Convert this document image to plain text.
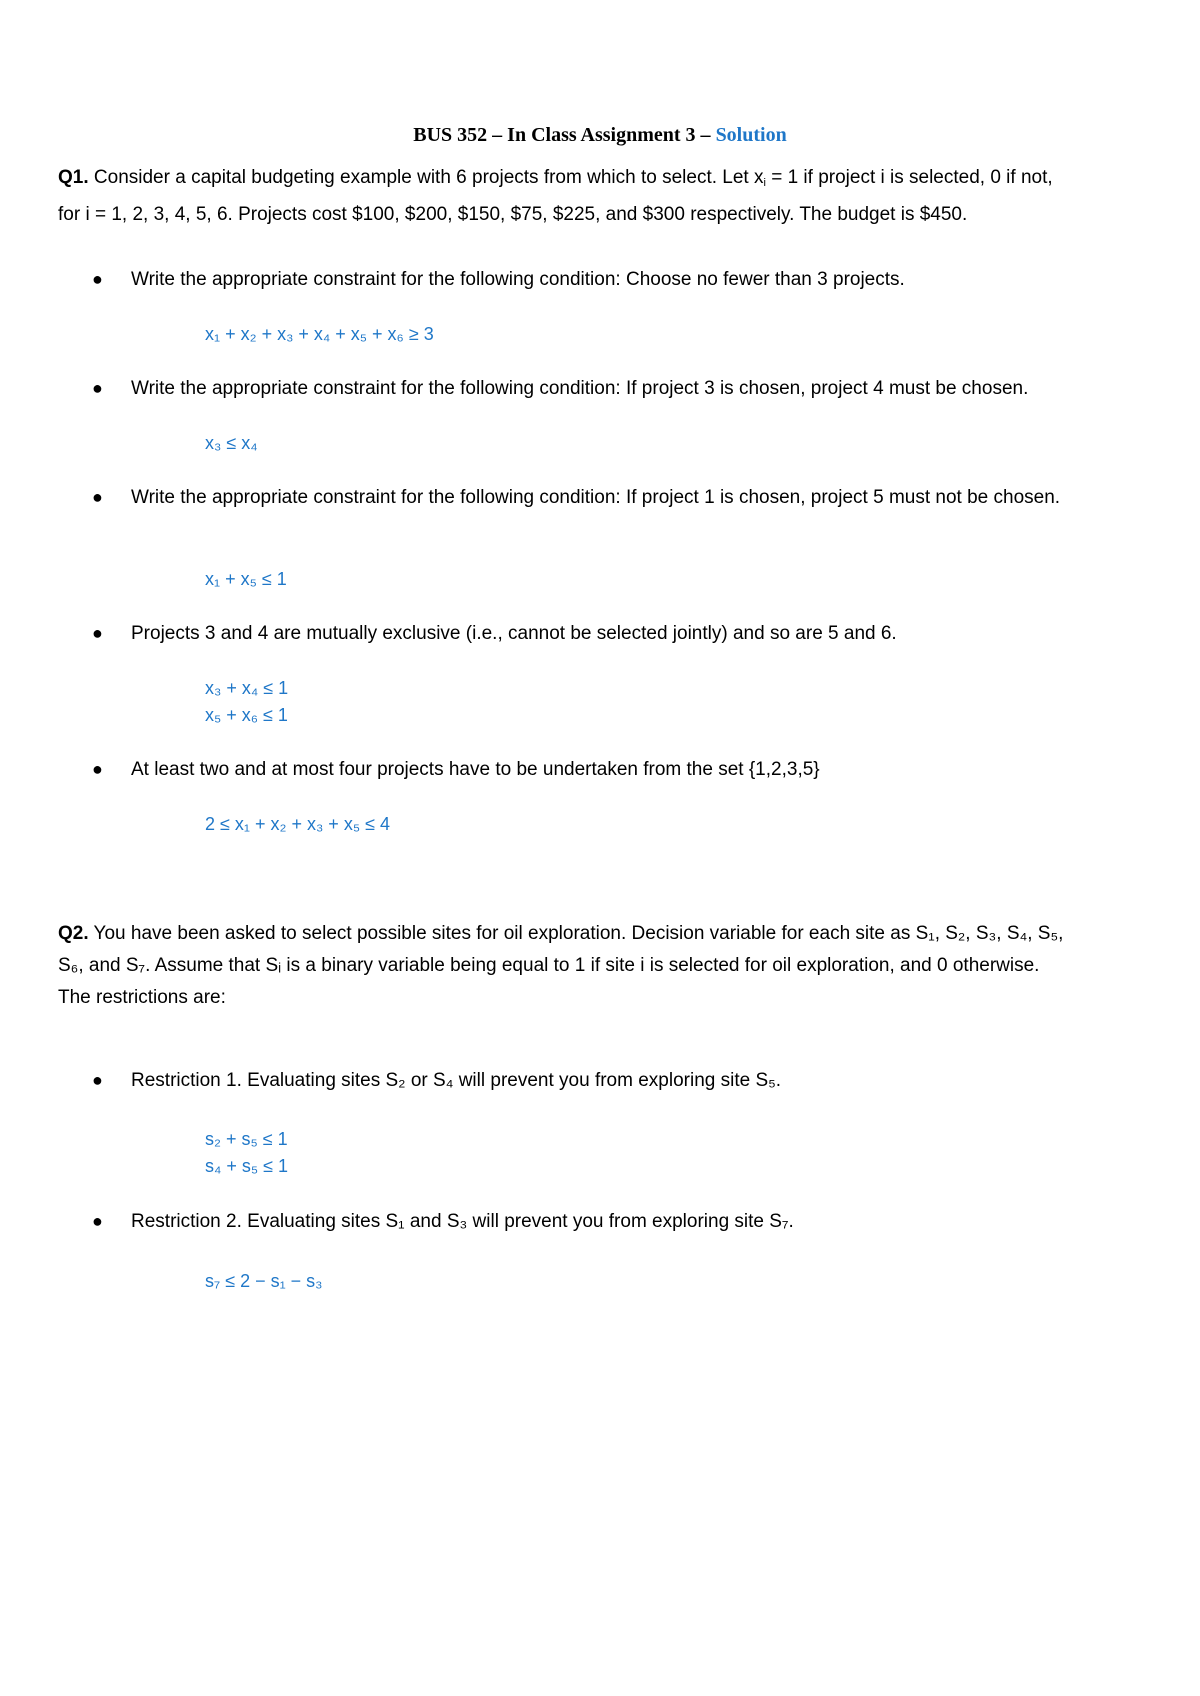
BUS 352 – In Class Assignment 3 – Solution
Q1. Consider a capital budgeting example with 6 projects from which to select. Let $x_i = 1$ if project i is selected, 0 if not,
for i = 1, 2, 3, 4, 5, 6. Projects cost $100, $200, $150, $75, $225, and $300 respectively. The budget is $450.
● Write the appropriate constraint for the following condition: Choose no fewer than 3 projects.
x₁ + x₂ + x₃ + x₄ + x₅ + x₆ ≥ 3
● Write the appropriate constraint for the following condition: If project 3 is chosen, project 4 must be chosen.
x₃ ≤ x₄
● Write the appropriate constraint for the following condition: If project 1 is chosen, project 5 must not be chosen.
x₁ + x₅ ≤ 1
● Projects 3 and 4 are mutually exclusive (i.e., cannot be selected jointly) and so are 5 and 6.
x₃ + x₄ ≤ 1
x₅ + x₆ ≤ 1
● At least two and at most four projects have to be undertaken from the set {1,2,3,5}
2 ≤ x₁ + x₂ + x₃ + x₅ ≤ 4
Q2. You have been asked to select possible sites for oil exploration. Decision variable for each site as S₁, S₂, S₃, S₄, S₅,
S₆, and S₇. Assume that Sᵢ is a binary variable being equal to 1 if site i is selected for oil exploration, and 0 otherwise.
The restrictions are:
● Restriction 1. Evaluating sites S₂ or S₄ will prevent you from exploring site S₅.
s₂ + s₅ ≤ 1
s₄ + s₅ ≤ 1
● Restriction 2. Evaluating sites S₁ and S₃ will prevent you from exploring site S₇.
s₇ ≤ 2 − s₁ − s₃
